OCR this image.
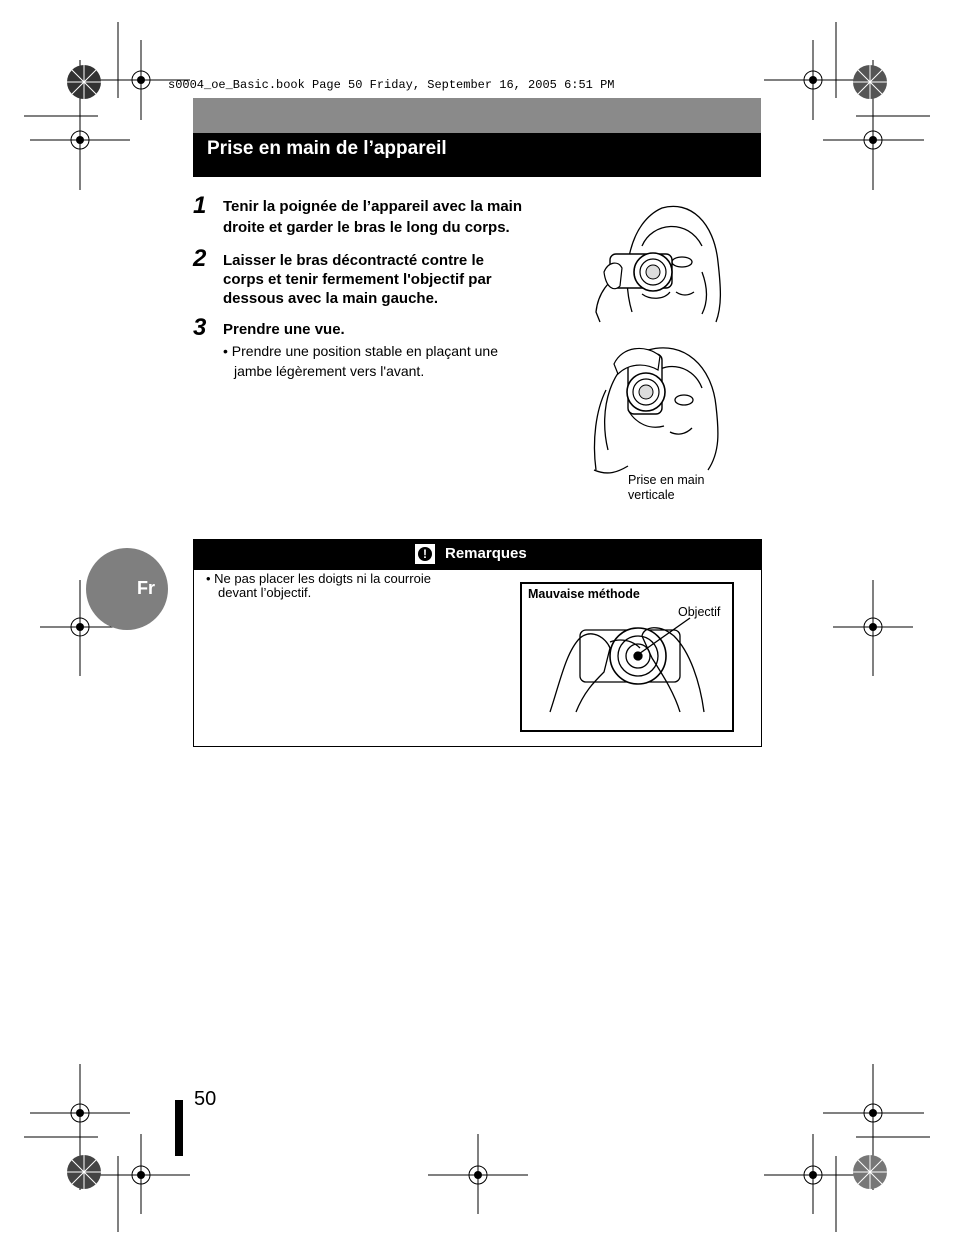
s0004_oe_Basic.book Page 50 Friday, September 16, 2005 6:51 PM
Prise en main de l’appareil
1 Tenir la poignée de l’appareil avec la main
droite et garder le bras le long du corps.
2 Laisser le bras décontracté contre le
corps et tenir fermement l'objectif par
dessous avec la main gauche.
3 Prendre une vue.
• Prendre une position stable en plaçant une
jambe légèrement vers l'avant.
Prise en main
verticale
Fr
!	Remarques
• Ne pas placer les doigts ni la courroie
devant l’objectif.	Mauvaise méthode
Objectif
50
